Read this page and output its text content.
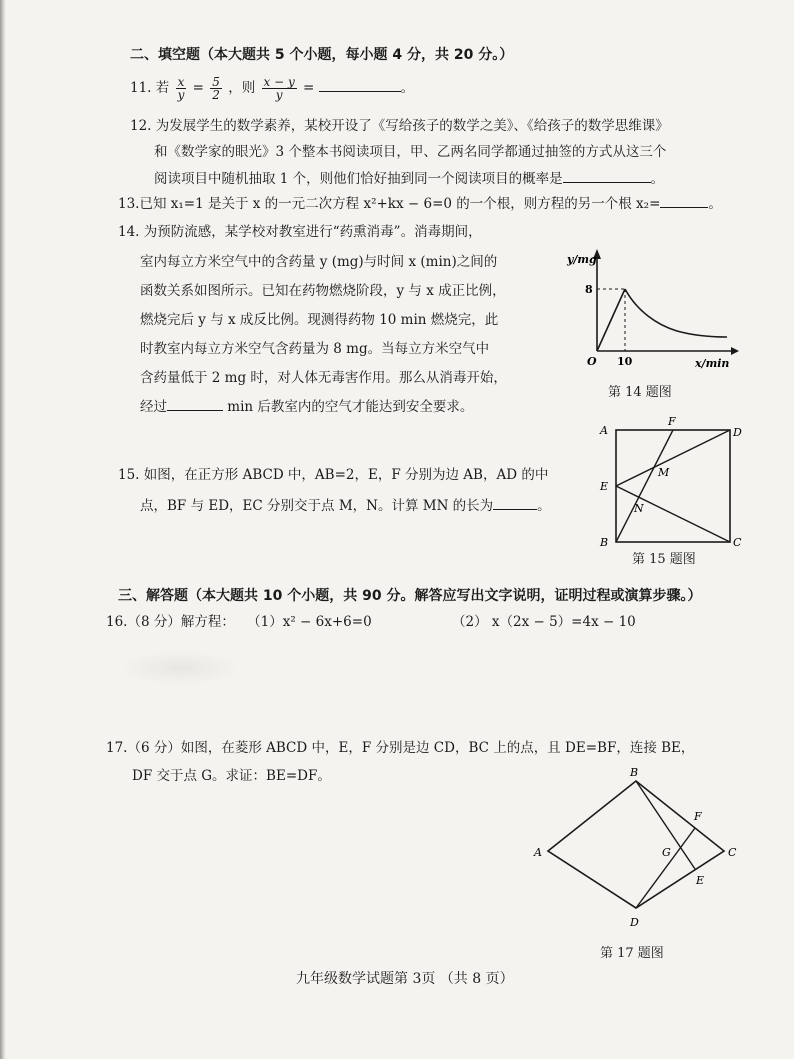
二、填空题（本大题共 5 个小题，每小题 4 分，共 20 分。）
11. 若 $\frac{x}{y} = \frac{5}{2}$ ，则 $\frac{x - y}{y}$ =	。
12. 为发展学生的数学素养，某校开设了《写给孩子的数学之美》、《给孩子的数学思维课》
和《数学家的眼光》3 个整本书阅读项目，甲、乙两名同学都通过抽签的方式从这三个
阅读项目中随机抽取 1 个，则他们恰好抽到同一个阅读项目的概率是	。
13.已知 x₁=1 是关于 x 的一元二次方程 x²+kx − 6=0 的一个根，则方程的另一个根 x₂=	。
14. 为预防流感，某学校对教室进行“药熏消毒”。消毒期间，
室内每立方米空气中的含药量 y (mg)与时间 x (min)之间的
函数关系如图所示。已知在药物燃烧阶段，y 与 x 成正比例，
燃烧完后 y 与 x 成反比例。现测得药物 10 min 燃烧完，此
时教室内每立方米空气含药量为 8 mg。当每立方米空气中
含药量低于 2 mg 时，对人体无毒害作用。那么从消毒开始，
经过	min 后教室内的空气才能达到安全要求。
y/mg
x/min
8
10
O
第 14 题图
15. 如图，在正方形 ABCD 中，AB=2，E，F 分别为边 AB，AD 的中
点，BF 与 ED，EC 分别交于点 M，N。计算 MN 的长为	。
A	D
B	C
E
F
M
N
第 15 题图
三、解答题（本大题共 10 个小题，共 90 分。解答应写出文字说明，证明过程或演算步骤。）
16.（8 分）解方程： （1）x² − 6x+6=0	（2） x（2x − 5）=4x − 10
17.（6 分）如图，在菱形 ABCD 中，E，F 分别是边 CD，BC 上的点，且 DE=BF，连接 BE，
DF 交于点 G。求证：BE=DF。
A
B
C
D
E
F
G
第 17 题图
九年级数学试题第 3页 （共 8 页）
